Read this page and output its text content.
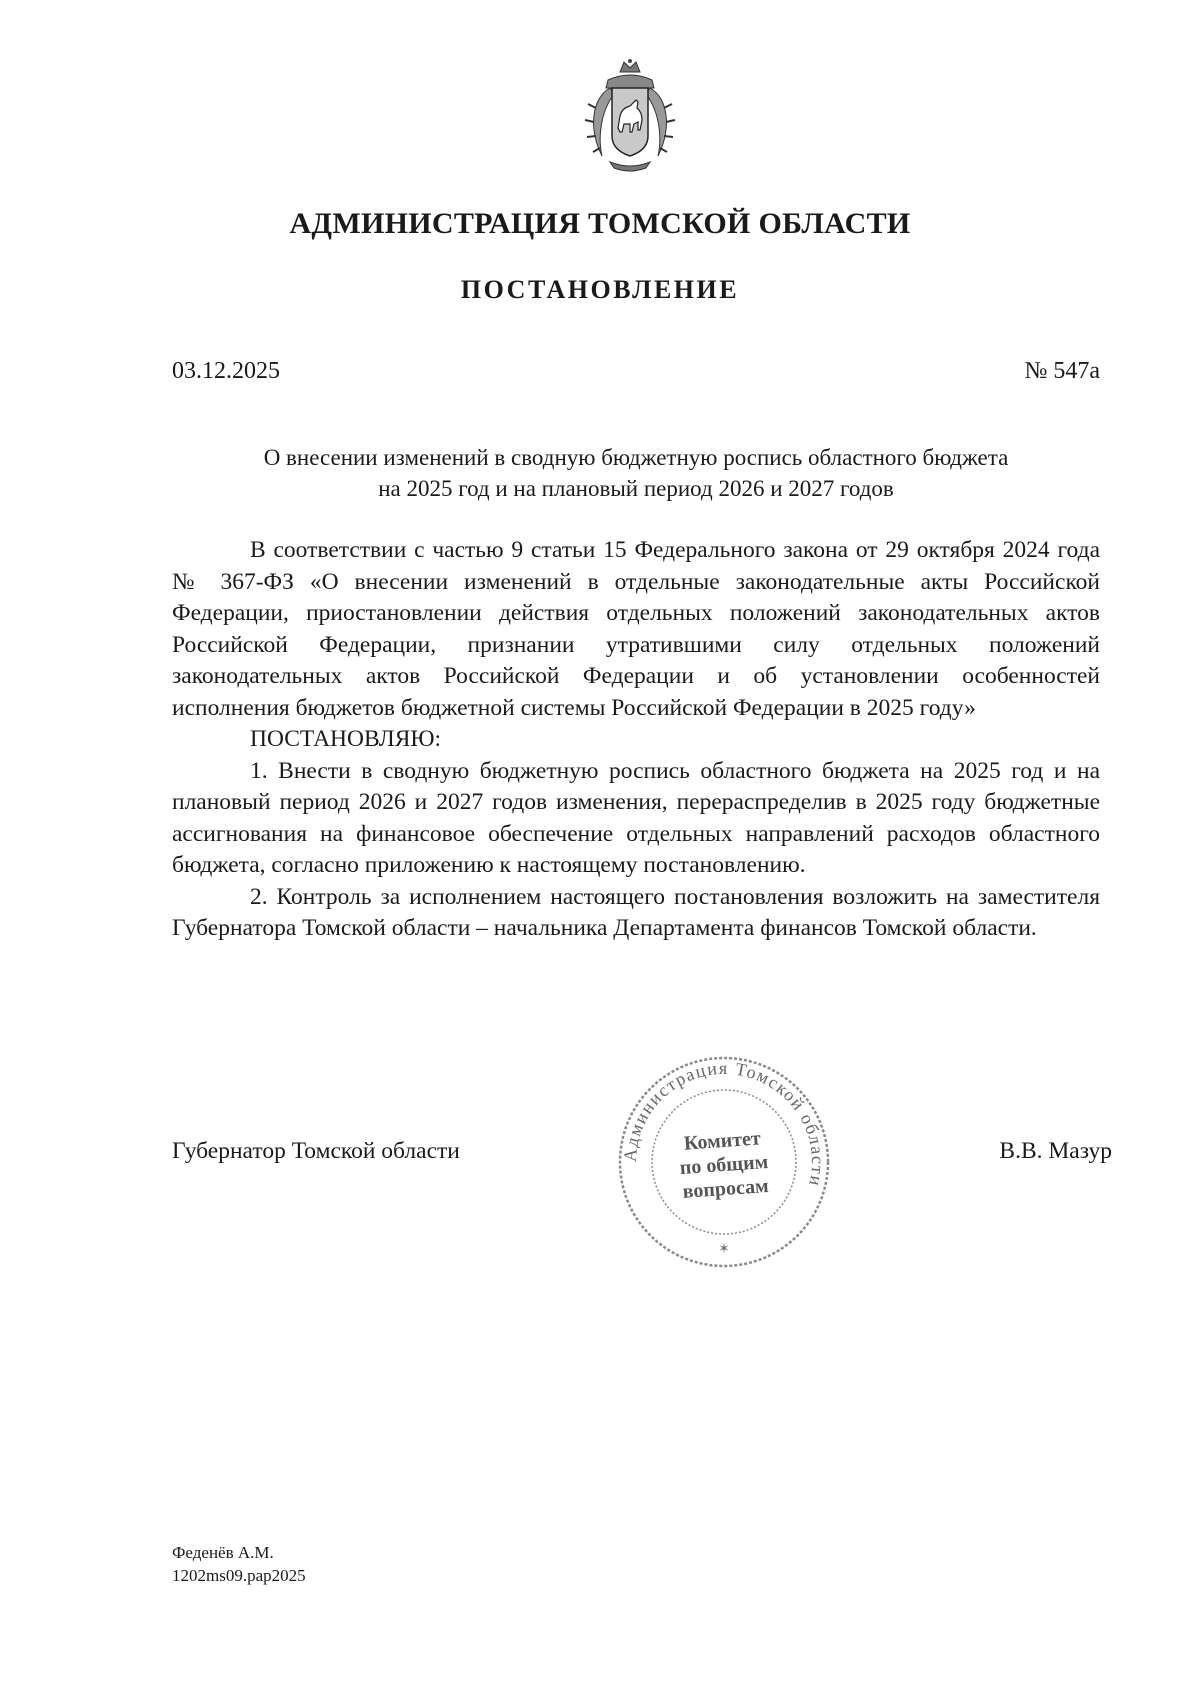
АДМИНИСТРАЦИЯ ТОМСКОЙ ОБЛАСТИ
ПОСТАНОВЛЕНИЕ
03.12.2025	№ 547а
О внесении изменений в сводную бюджетную роспись областного бюджета
на 2025 год и на плановый период 2026 и 2027 годов

В соответствии с частью 9 статьи 15 Федерального закона от 29 октября 2024 года № 367-ФЗ «О внесении изменений в отдельные законодательные акты Российской Федерации, приостановлении действия отдельных положений законодательных актов Российской Федерации, признании утратившими силу отдельных положений законодательных актов Российской Федерации и об установлении особенностей исполнения бюджетов бюджетной системы Российской Федерации в 2025 году»

ПОСТАНОВЛЯЮ:

1. Внести в сводную бюджетную роспись областного бюджета на 2025 год и на плановый период 2026 и 2027 годов изменения, перераспределив в 2025 году бюджетные ассигнования на финансовое обеспечение отдельных направлений расходов областного бюджета, согласно приложению к настоящему постановлению.

2. Контроль за исполнением настоящего постановления возложить на заместителя Губернатора Томской области – начальника Департамента финансов Томской области.

Губернатор Томской области	В.В. Мазур
Администрация Томской области
✶
Комитет
по общим
вопросам
Феденёв А.М.
1202ms09.pap2025
